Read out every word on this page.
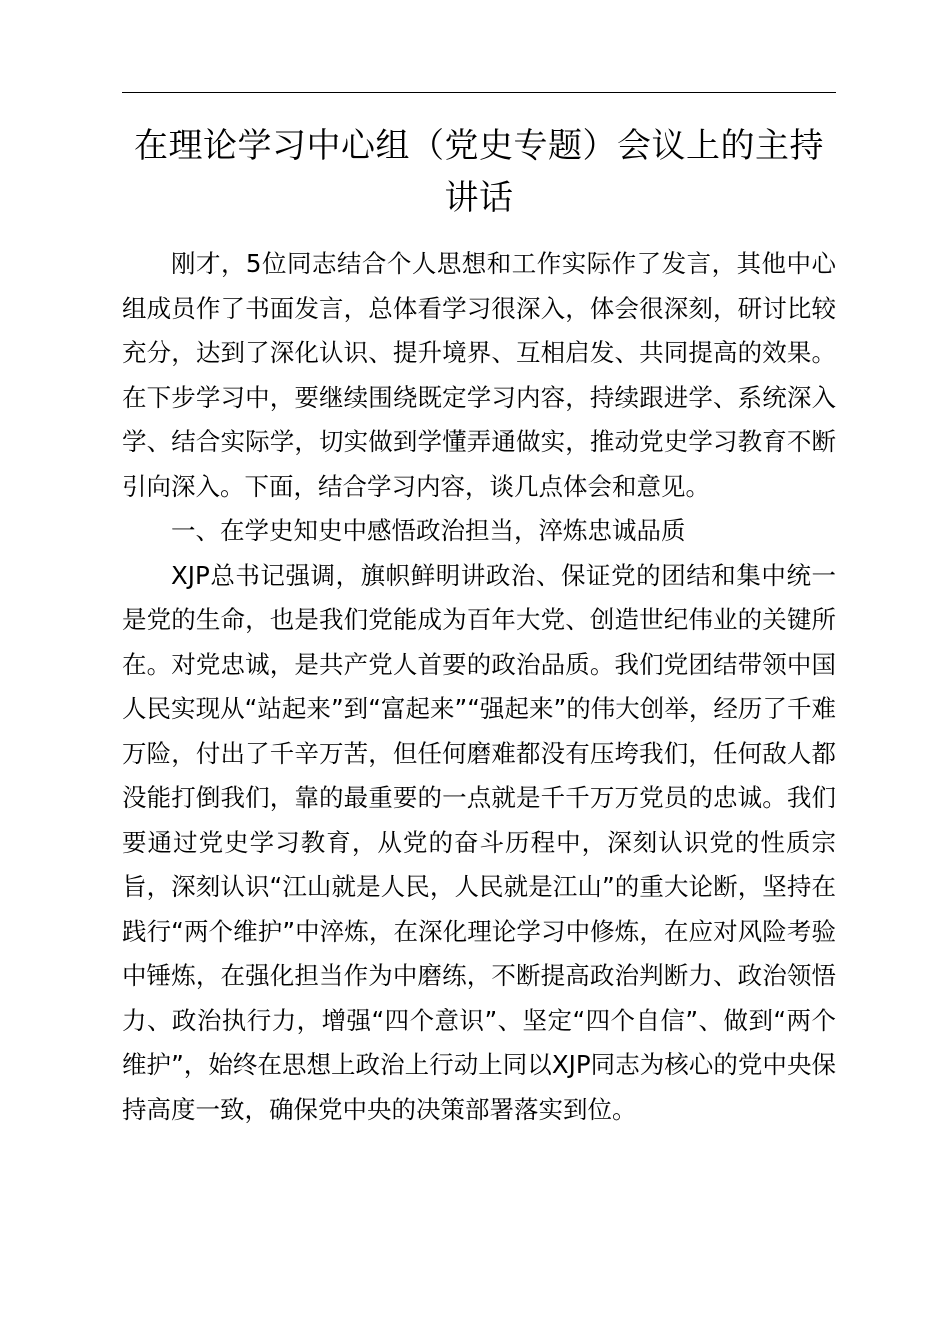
在理论学习中心组（党史专题）会议上的主持
讲话

刚才，5位同志结合个人思想和工作实际作了发言，其他中心组成员作了书面发言，总体看学习很深入，体会很深刻，研讨比较充分，达到了深化认识、提升境界、互相启发、共同提高的效果。在下步学习中，要继续围绕既定学习内容，持续跟进学、系统深入学、结合实际学，切实做到学懂弄通做实，推动党史学习教育不断引向深入。下面，结合学习内容，谈几点体会和意见。

一、在学史知史中感悟政治担当，淬炼忠诚品质

XJP总书记强调，旗帜鲜明讲政治、保证党的团结和集中统一是党的生命，也是我们党能成为百年大党、创造世纪伟业的关键所在。对党忠诚，是共产党人首要的政治品质。我们党团结带领中国人民实现从“站起来”到“富起来”“强起来”的伟大创举，经历了千难万险，付出了千辛万苦，但任何磨难都没有压垮我们，任何敌人都没能打倒我们，靠的最重要的一点就是千千万万党员的忠诚。我们要通过党史学习教育，从党的奋斗历程中，深刻认识党的性质宗旨，深刻认识“江山就是人民，人民就是江山”的重大论断，坚持在践行“两个维护”中淬炼，在深化理论学习中修炼，在应对风险考验中锤炼，在强化担当作为中磨练，不断提高政治判断力、政治领悟力、政治执行力，增强“四个意识”、坚定“四个自信”、做到“两个维护”，始终在思想上政治上行动上同以XJP同志为核心的党中央保持高度一致，确保党中央的决策部署落实到位。
